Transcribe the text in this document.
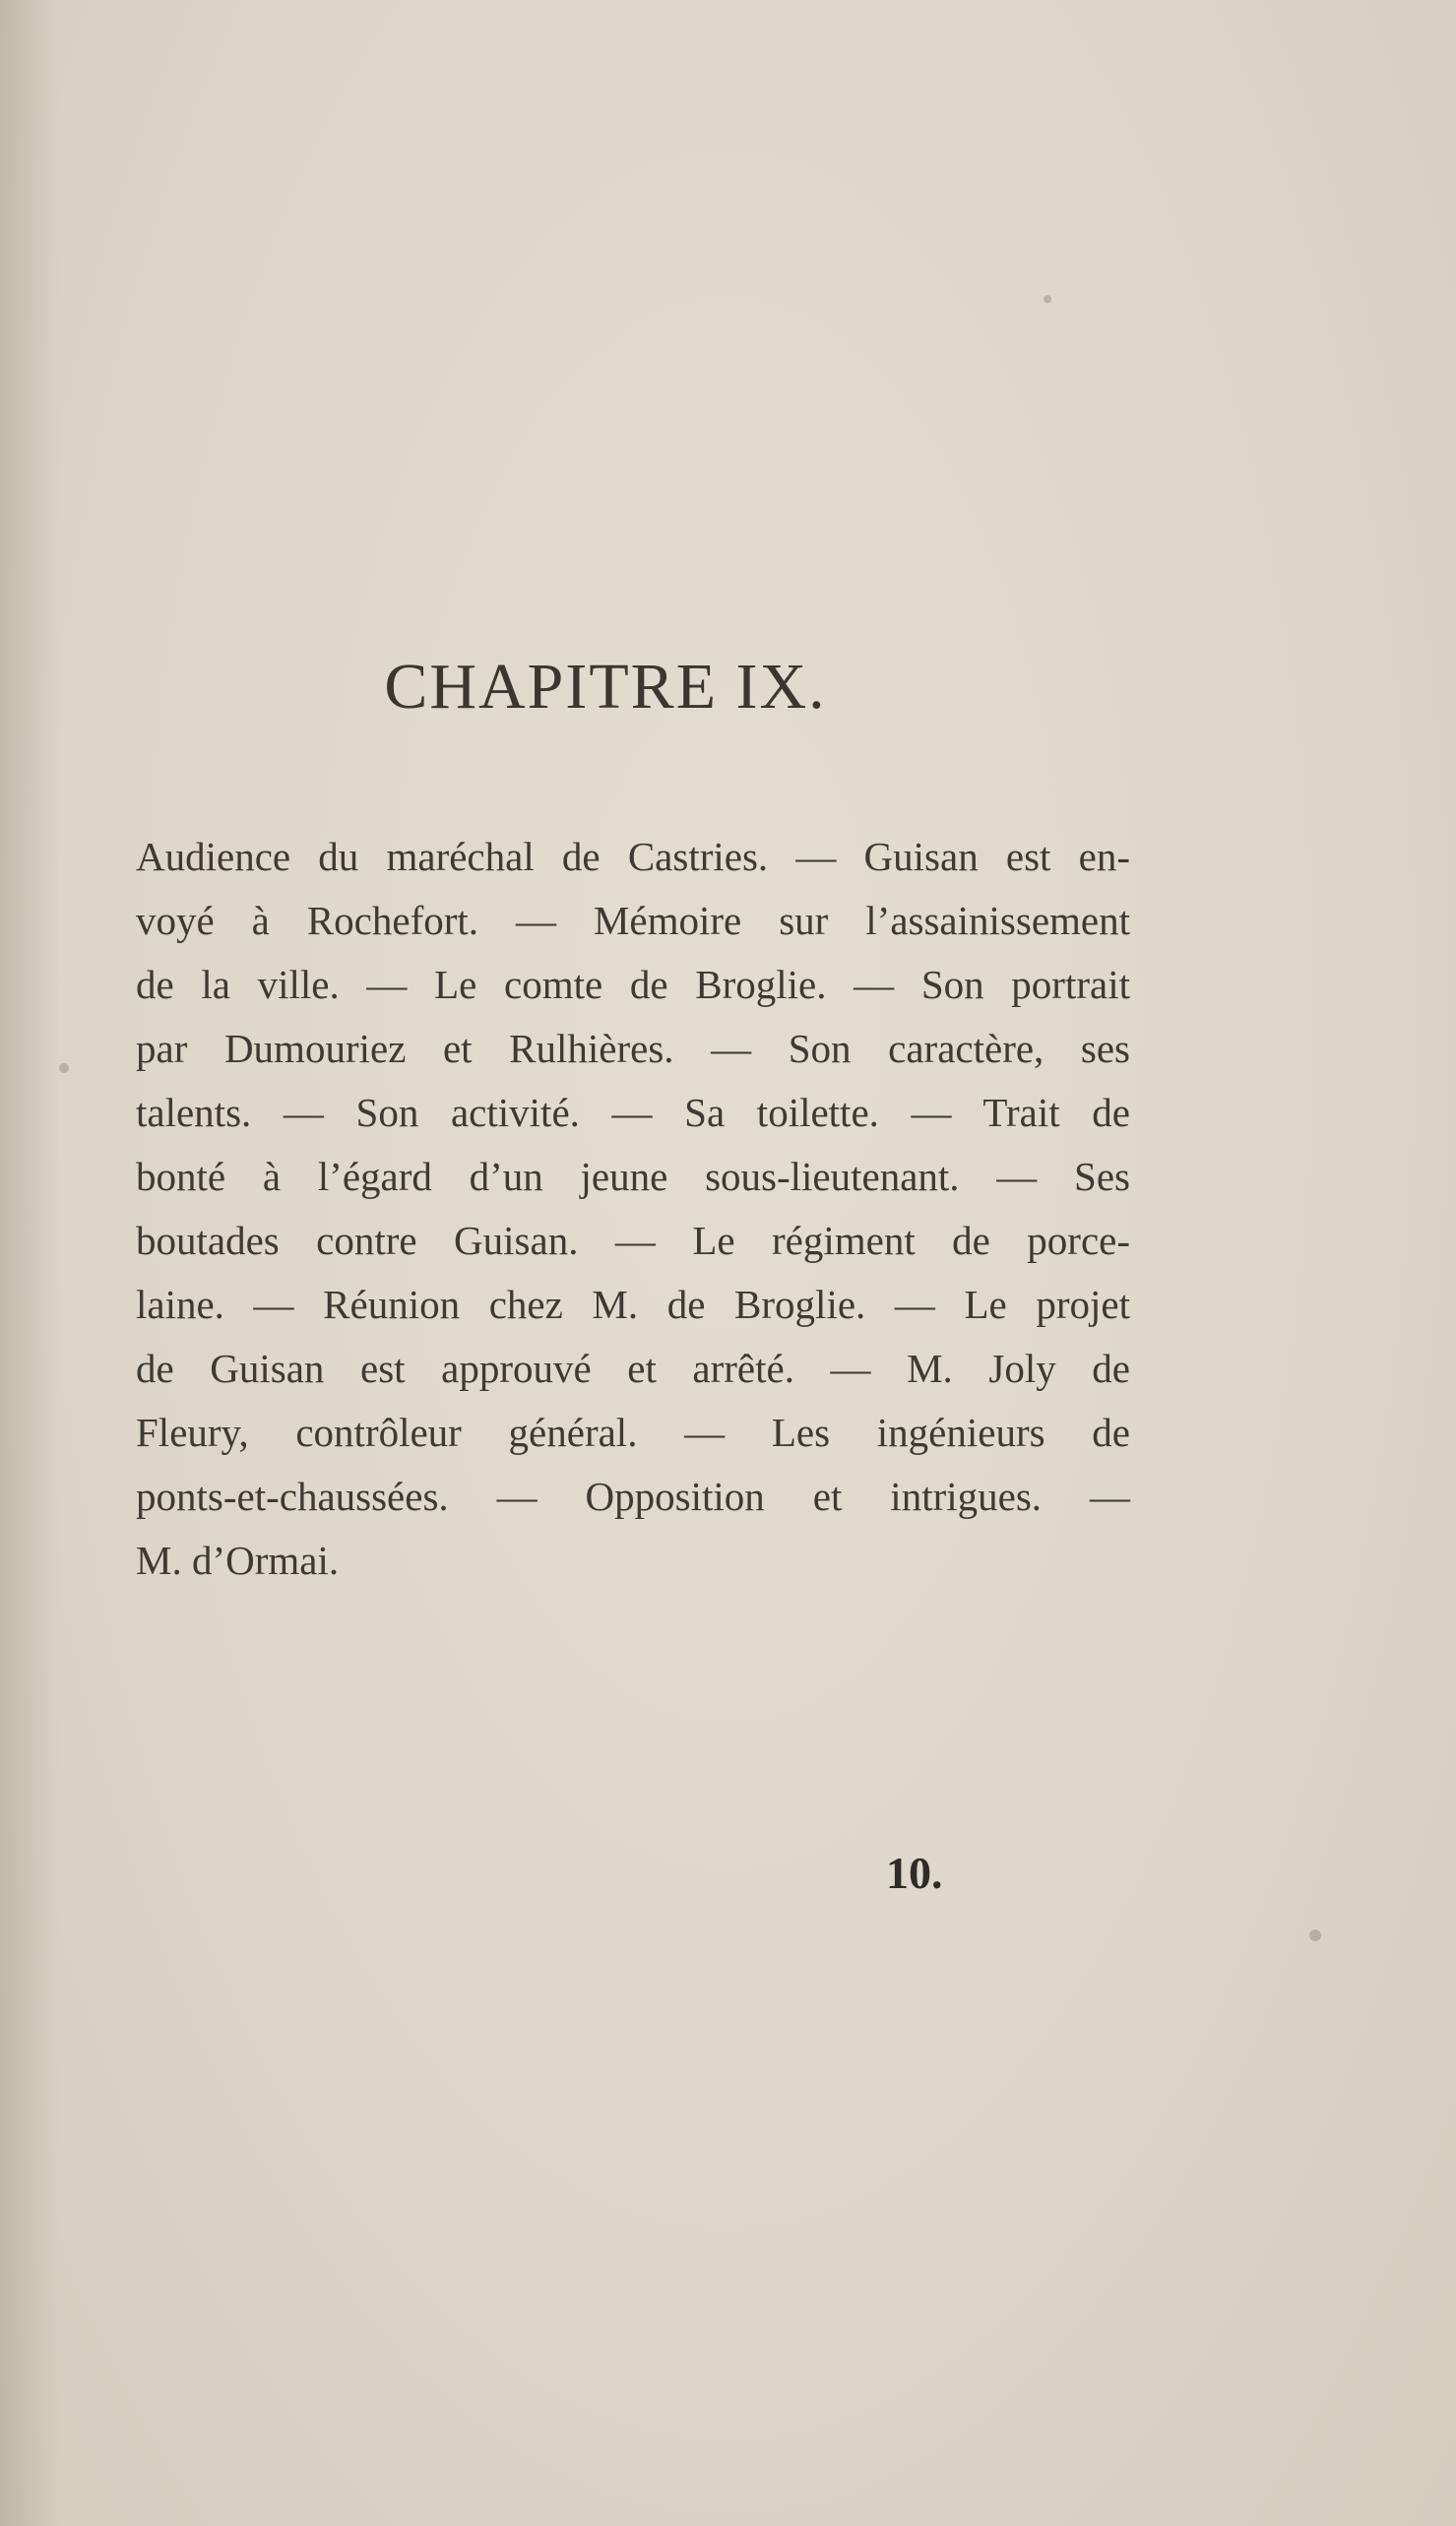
CHAPITRE IX.
Audience du maréchal de Castries. — Guisan est en-
voyé à Rochefort. — Mémoire sur l’assainissement
de la ville. — Le comte de Broglie. — Son portrait
par Dumouriez et Rulhières. — Son caractère, ses
talents. — Son activité. — Sa toilette. — Trait de
bonté à l’égard d’un jeune sous-lieutenant. — Ses
boutades contre Guisan. — Le régiment de porce-
laine. — Réunion chez M. de Broglie. — Le projet
de Guisan est approuvé et arrêté. — M. Joly de
Fleury, contrôleur général. — Les ingénieurs de
ponts-et-chaussées. — Opposition et intrigues. —
M. d’Ormai.
10.
